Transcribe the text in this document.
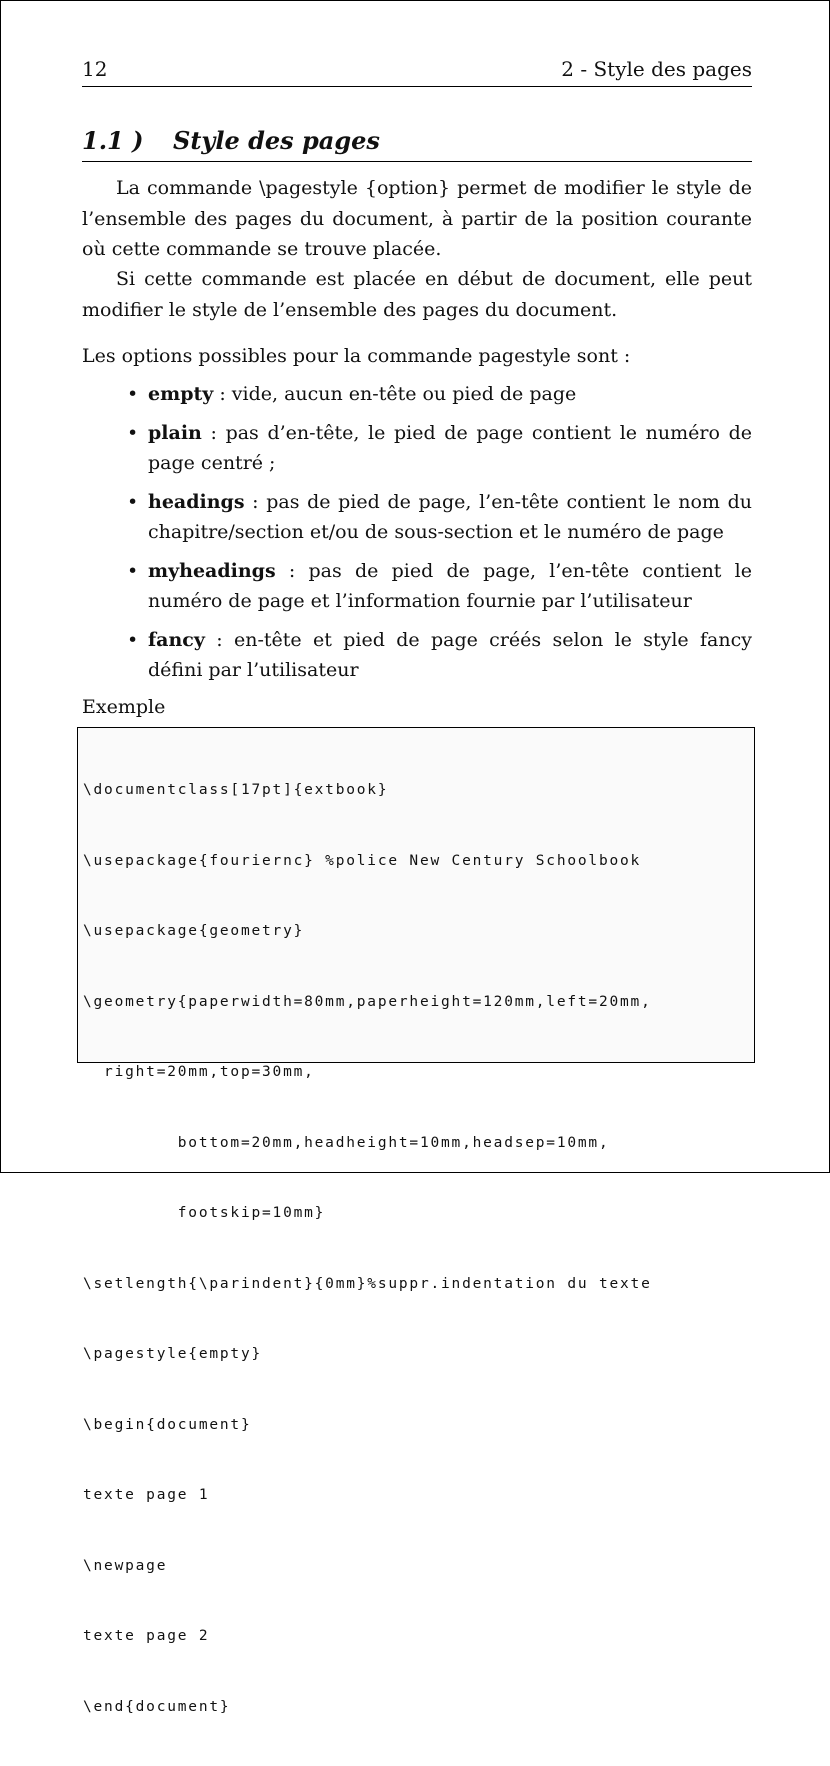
12	2 - Style des pages
1.1 ) Style des pages

La commande \pagestyle {option} permet de modifier le style de l’ensemble des pages du document, à partir de la position courante où cette commande se trouve placée.

Si cette commande est placée en début de document, elle peut modifier le style de l’ensemble des pages du document.

Les options possibles pour la commande pagestyle sont :

• empty : vide, aucun en-tête ou pied de page
• plain : pas d’en-tête, le pied de page contient le numéro de page centré ;
• headings : pas de pied de page, l’en-tête contient le nom du chapitre/section et/ou de sous-section et le numéro de page
• myheadings : pas de pied de page, l’en-tête contient le numéro de page et l’information fournie par l’utilisateur
• fancy : en-tête et pied de page créés selon le style fancy défini par l’utilisateur
Exemple

\documentclass[17pt]{extbook}

\usepackage{fouriernc} %police New Century Schoolbook

\usepackage{geometry}

\geometry{paperwidth=80mm,paperheight=120mm,left=20mm,

right=20mm,top=30mm,

bottom=20mm,headheight=10mm,headsep=10mm,

footskip=10mm}

\setlength{\parindent}{0mm}%suppr.indentation du texte

\pagestyle{empty}

\begin{document}

texte page 1

\newpage

texte page 2

\end{document}
